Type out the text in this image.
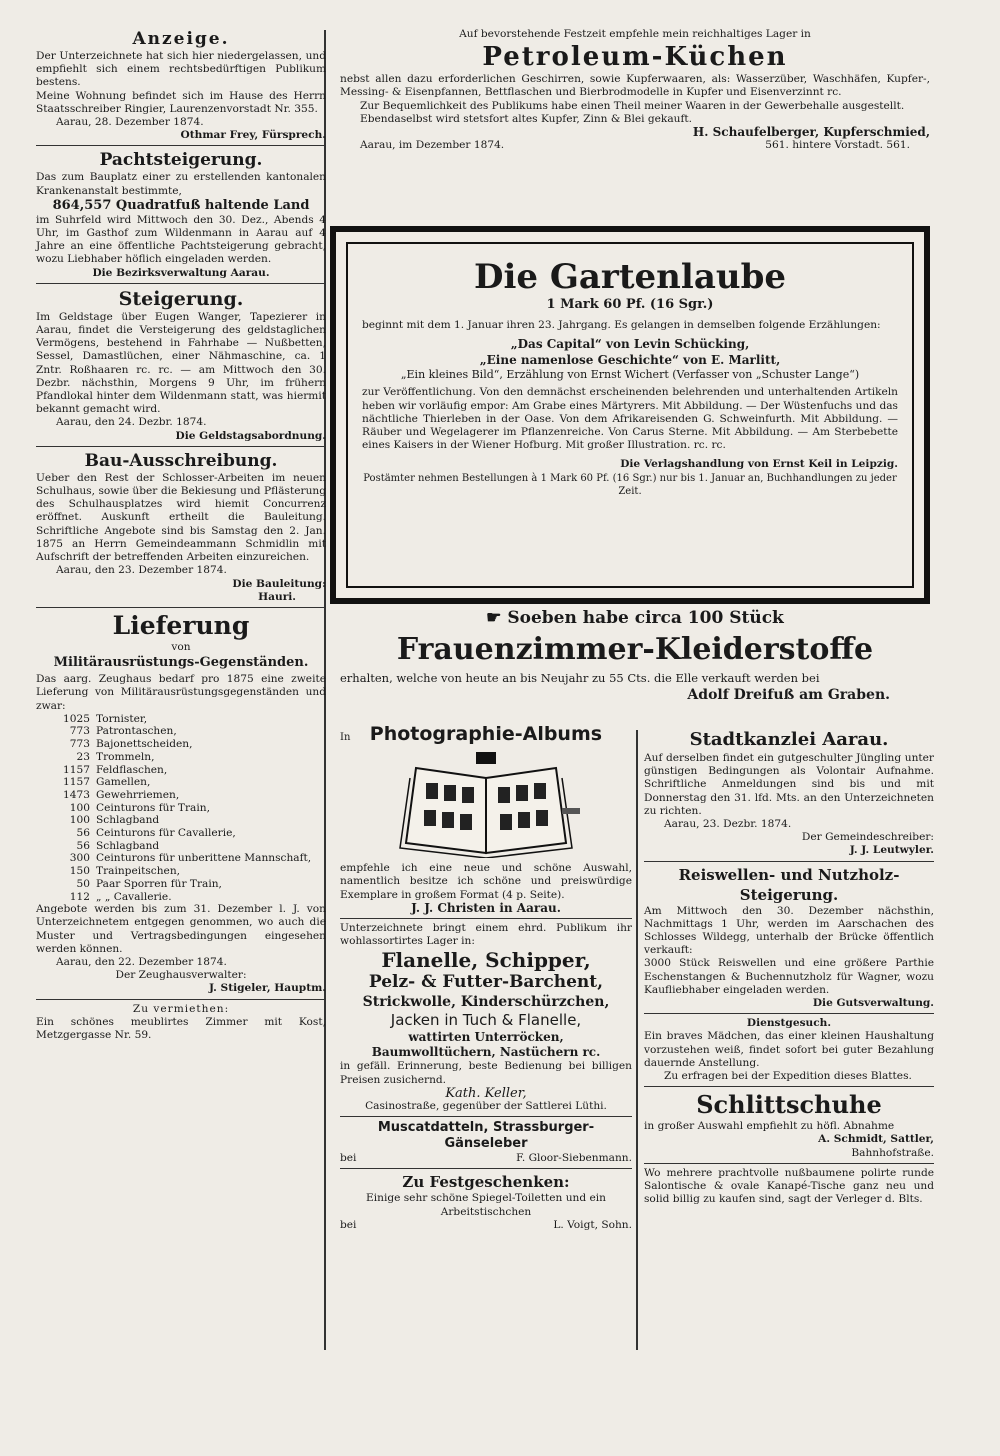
Anzeige.

Der Unterzeichnete hat sich hier niedergelassen, und empfiehlt sich einem rechtsbedürftigen Publikum bestens.

Meine Wohnung befindet sich im Hause des Herrn Staatsschreiber Ringier, Laurenzenvorstadt Nr. 355.

Aarau, 28. Dezember 1874.

Othmar Frey, Fürsprech.

Pachtsteigerung.

Das zum Bauplatz einer zu erstellenden kantonalen Krankenanstalt bestimmte,

864,557 Quadratfuß haltende Land

im Suhrfeld wird Mittwoch den 30. Dez., Abends 4 Uhr, im Gasthof zum Wildenmann in Aarau auf 4 Jahre an eine öffentliche Pachtsteigerung gebracht, wozu Liebhaber höflich eingeladen werden.

Die Bezirksverwaltung Aarau.

Steigerung.

Im Geldstage über Eugen Wanger, Tapezierer in Aarau, findet die Versteigerung des geldstaglichen Vermögens, bestehend in Fahrhabe — Nußbetten, Sessel, Damastlüchen, einer Nähmaschine, ca. 1 Zntr. Roßhaaren rc. rc. — am Mittwoch den 30. Dezbr. nächsthin, Morgens 9 Uhr, im frühern Pfandlokal hinter dem Wildenmann statt, was hiermit bekannt gemacht wird.

Aarau, den 24. Dezbr. 1874.

Die Geldstagsabordnung.

Bau-Ausschreibung.

Ueber den Rest der Schlosser-Arbeiten im neuen Schulhaus, sowie über die Bekiesung und Pflästerung des Schulhausplatzes wird hiemit Concurrenz eröffnet. Auskunft ertheilt die Bauleitung. Schriftliche Angebote sind bis Samstag den 2. Jan. 1875 an Herrn Gemeindeammann Schmidlin mit Aufschrift der betreffenden Arbeiten einzureichen.

Aarau, den 23. Dezember 1874.

Die Bauleitung:

Hauri.

Lieferung

von

Militärausrüstungs-Gegenständen.

Das aarg. Zeughaus bedarf pro 1875 eine zweite Lieferung von Militärausrüstungsgegenständen und zwar:

1025	Tornister,
773	Patrontaschen,
773	Bajonettscheiden,
23	Trommeln,
1157	Feldflaschen,
1157	Gamellen,
1473	Gewehrriemen,
100	Ceinturons für Train,
100	Schlagband
56	Ceinturons für Cavallerie,
56	Schlagband
300	Ceinturons für unberittene Mannschaft,
150	Trainpeitschen,
50	Paar Sporren für Train,
112	„ „ Cavallerie.

Angebote werden bis zum 31. Dezember l. J. von Unterzeichnetem entgegen genommen, wo auch die Muster und Vertragsbedingungen eingesehen werden können.

Aarau, den 22. Dezember 1874.

Der Zeughausverwalter:

J. Stigeler, Hauptm.

Zu vermiethen:

Ein schönes meublirtes Zimmer mit Kost, Metzgergasse Nr. 59.

Auf bevorstehende Festzeit empfehle mein reichhaltiges Lager in

Petroleum-Küchen

nebst allen dazu erforderlichen Geschirren, sowie Kupferwaaren, als: Wasserzüber, Waschhäfen, Kupfer-, Messing- & Eisenpfannen, Bettflaschen und Bierbrodmodelle in Kupfer und Eisenverzinnt rc.

Zur Bequemlichkeit des Publikums habe einen Theil meiner Waaren in der Gewerbehalle ausgestellt.

Ebendaselbst wird stetsfort altes Kupfer, Zinn & Blei gekauft.

H. Schaufelberger, Kupferschmied,

Aarau, im Dezember 1874.	561. hintere Vorstadt. 561.

Die Gartenlaube

1 Mark 60 Pf. (16 Sgr.)

beginnt mit dem 1. Januar ihren 23. Jahrgang. Es gelangen in demselben folgende Erzählungen:

„Das Capital“ von Levin Schücking,

„Eine namenlose Geschichte“ von E. Marlitt,

„Ein kleines Bild“, Erzählung von Ernst Wichert (Verfasser von „Schuster Lange“)

zur Veröffentlichung. Von den demnächst erscheinenden belehrenden und unterhaltenden Artikeln heben wir vorläufig empor: Am Grabe eines Märtyrers. Mit Abbildung. — Der Wüstenfuchs und das nächtliche Thierleben in der Oase. Von dem Afrikareisenden G. Schweinfurth. Mit Abbildung. — Räuber und Wegelagerer im Pflanzenreiche. Von Carus Sterne. Mit Abbildung. — Am Sterbebette eines Kaisers in der Wiener Hofburg. Mit großer Illustration. rc. rc.

Die Verlagshandlung von Ernst Keil in Leipzig.

Postämter nehmen Bestellungen à 1 Mark 60 Pf. (16 Sgr.) nur bis 1. Januar an, Buchhandlungen zu jeder Zeit.

☛ Soeben habe circa 100 Stück

Frauenzimmer-Kleiderstoffe

erhalten, welche von heute an bis Neujahr zu 55 Cts. die Elle verkauft werden bei

Adolf Dreifuß am Graben.

In Photographie-Albums

empfehle ich eine neue und schöne Auswahl, namentlich besitze ich schöne und preiswürdige Exemplare in großem Format (4 p. Seite).

J. J. Christen in Aarau.

Unterzeichnete bringt einem ehrd. Publikum ihr wohlassortirtes Lager in:

Flanelle, Schipper,

Pelz- & Futter-Barchent,

Strickwolle, Kinderschürzchen,

Jacken in Tuch & Flanelle,

wattirten Unterröcken,

Baumwolltüchern, Nastüchern rc.

in gefäll. Erinnerung, beste Bedienung bei billigen Preisen zusichernd.

Kath. Keller,

Casinostraße, gegenüber der Sattlerei Lüthi.

Muscatdatteln, Strassburger-Gänseleber

bei	F. Gloor-Siebenmann.

Zu Festgeschenken:

Einige sehr schöne Spiegel-Toiletten und ein Arbeitstischchen

bei	L. Voigt, Sohn.

Stadtkanzlei Aarau.

Auf derselben findet ein gutgeschulter Jüngling unter günstigen Bedingungen als Volontair Aufnahme. Schriftliche Anmeldungen sind bis und mit Donnerstag den 31. lfd. Mts. an den Unterzeichneten zu richten.

Aarau, 23. Dezbr. 1874.

Der Gemeindeschreiber:

J. J. Leutwyler.

Reiswellen- und Nutzholz-Steigerung.

Am Mittwoch den 30. Dezember nächsthin, Nachmittags 1 Uhr, werden im Aarschachen des Schlosses Wildegg, unterhalb der Brücke öffentlich verkauft:

3000 Stück Reiswellen und eine größere Parthie Eschenstangen & Buchennutzholz für Wagner, wozu Kaufliebhaber eingeladen werden.

Die Gutsverwaltung.

Dienstgesuch.

Ein braves Mädchen, das einer kleinen Haushaltung vorzustehen weiß, findet sofort bei guter Bezahlung dauernde Anstellung.

Zu erfragen bei der Expedition dieses Blattes.

Schlittschuhe

in großer Auswahl empfiehlt zu höfl. Abnahme

A. Schmidt, Sattler,

Bahnhofstraße.

Wo mehrere prachtvolle nußbaumene polirte runde Salontische & ovale Kanapé-Tische ganz neu und solid billig zu kaufen sind, sagt der Verleger d. Blts.
